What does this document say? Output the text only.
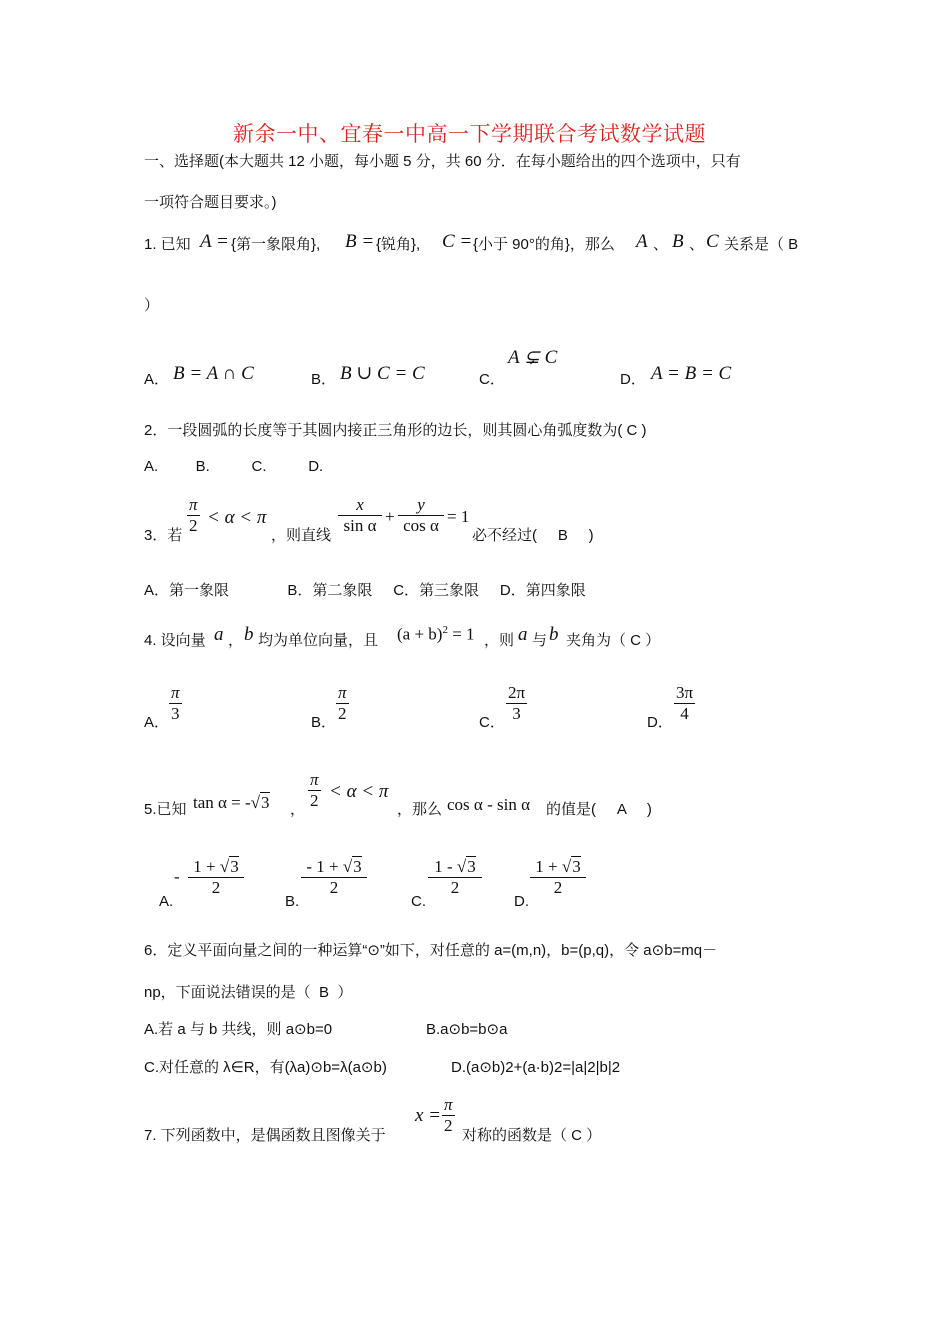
新余一中、宜春一中高一下学期联合考试数学试题
一、选择题(本大题共 12 小题，每小题 5 分，共 60 分．在每小题给出的四个选项中，只有
一项符合题目要求。)
1. 已知 A = {第一象限角}, B = {锐角}, C = {小于 90°的角}，那么 A 、 B 、 C 关系是（ B
）
A． B = A ∩ C	B． B ∪ C = C	C．
A ⊊ C
D． A = B = C
2．一段圆弧的长度等于其圆内接正三角形的边长，则其圆心角弧度数为( C )
A.         B.          C.          D.
3．若
π
2 < α < π
，则直线
x
sin α +
y
cos α = 1
必不经过(     B     )
A．第一象限              B．第二象限     C．第三象限     D．第四象限
4. 设向量 a ， b 均为单位向量，且 $(a + b)^2 = 1$ ，则 a 与 b 夹角为（ C ）
A．
π
3	B．
π
2	C．
2π
3	D．
3π
4
5.已知 tan α = -√3 ，
π
2 < α < π
，那么 cos α - sin α 的值是(     A     )
A.
-
1 + √3
2
B.
- 1 + √3
2
C.
1 - √3
2
D.
1 + √3
2
6．定义平面向量之间的一种运算“⊙”如下，对任意的 a=(m,n)，b=(p,q)，令 a⊙b=mq－
np，下面说法错误的是（  B  ）
A.若 a 与 b 共线，则 a⊙b=0	B.a⊙b=b⊙a
C.对任意的 λ∈R，有(λa)⊙b=λ(a⊙b)	D.(a⊙b)2+(a·b)2=|a|2|b|2
7. 下列函数中，是偶函数且图像关于
x =
π
2
对称的函数是（ C ）
